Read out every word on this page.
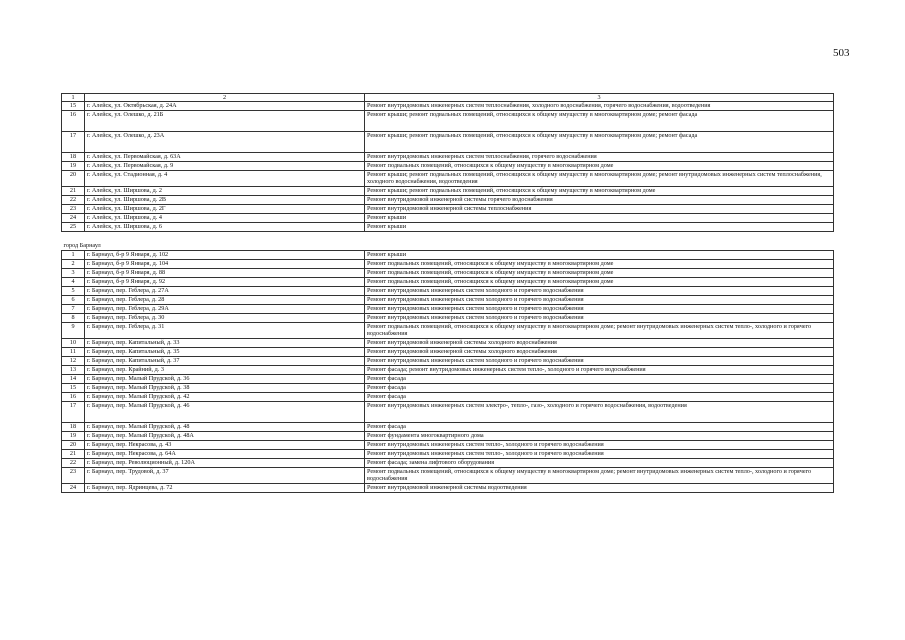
503
1	2	3
15	г. Алейск, ул. Октябрьская, д. 24А	Ремонт внутридомовых инженерных систем теплоснабжения, холодного водоснабжения, горячего водоснабжения, водоотведения
16	г. Алейск, ул. Олешко, д. 21Б	Ремонт крыши; ремонт подвальных помещений, относящихся к общему имуществу в многоквартирном доме; ремонт фасада
17	г. Алейск, ул. Олешко, д. 23А	Ремонт крыши; ремонт подвальных помещений, относящихся к общему имуществу в многоквартирном доме; ремонт фасада
18	г. Алейск, ул. Первомайская, д. 63А	Ремонт внутридомовых инженерных систем теплоснабжения, горячего водоснабжения
19	г. Алейск, ул. Первомайская, д. 9	Ремонт подвальных помещений, относящихся к общему имуществу в многоквартирном доме
20	г. Алейск, ул. Стадионная, д. 4	Ремонт крыши; ремонт подвальных помещений, относящихся к общему имуществу в многоквартирном доме; ремонт внутридомовых инженерных систем теплоснабжения, холодного водоснабжения, водоотведения
21	г. Алейск, ул. Ширшова, д. 2	Ремонт крыши; ремонт подвальных помещений, относящихся к общему имуществу в многоквартирном доме
22	г. Алейск, ул. Ширшова, д. 2В	Ремонт внутридомовой инженерной системы горячего водоснабжения
23	г. Алейск, ул. Ширшова, д. 2Г	Ремонт внутридомовой инженерной системы теплоснабжения
24	г. Алейск, ул. Ширшова, д. 4	Ремонт крыши
25	г. Алейск, ул. Ширшова, д. 6	Ремонт крыши
город Барнаул		
1	г. Барнаул, б-р 9 Января, д. 102	Ремонт крыши
2	г. Барнаул, б-р 9 Января, д. 104	Ремонт подвальных помещений, относящихся к общему имуществу в многоквартирном доме
3	г. Барнаул, б-р 9 Января, д. 88	Ремонт подвальных помещений, относящихся к общему имуществу в многоквартирном доме
4	г. Барнаул, б-р 9 Января, д. 92	Ремонт подвальных помещений, относящихся к общему имуществу в многоквартирном доме
5	г. Барнаул, пер. Геблера, д. 27А	Ремонт внутридомовых инженерных систем холодного и горячего водоснабжения
6	г. Барнаул, пер. Геблера, д. 28	Ремонт внутридомовых инженерных систем холодного и горячего водоснабжения
7	г. Барнаул, пер. Геблера, д. 29А	Ремонт внутридомовых инженерных систем холодного и горячего водоснабжения
8	г. Барнаул, пер. Геблера, д. 30	Ремонт внутридомовых инженерных систем холодного и горячего водоснабжения
9	г. Барнаул, пер. Геблера, д. 31	Ремонт подвальных помещений, относящихся к общему имуществу в многоквартирном доме; ремонт внутридомовых инженерных систем тепло-, холодного и горячего водоснабжения
10	г. Барнаул, пер. Капитальный, д. 33	Ремонт внутридомовой инженерной системы холодного водоснабжения
11	г. Барнаул, пер. Капитальный, д. 35	Ремонт внутридомовой инженерной системы холодного водоснабжения
12	г. Барнаул, пер. Капитальный, д. 37	Ремонт внутридомовых инженерных систем холодного и горячего водоснабжения
13	г. Барнаул, пер. Крайний, д. 3	Ремонт фасада; ремонт внутридомовых инженерных систем тепло-, холодного и горячего водоснабжения
14	г. Барнаул, пер. Малый Прудской, д. 36	Ремонт фасада
15	г. Барнаул, пер. Малый Прудской, д. 38	Ремонт фасада
16	г. Барнаул, пер. Малый Прудской, д. 42	Ремонт фасада
17	г. Барнаул, пер. Малый Прудской, д. 46	Ремонт внутридомовых инженерных систем электро-, тепло-, газо-, холодного и горячего водоснабжения, водоотведения
18	г. Барнаул, пер. Малый Прудской, д. 48	Ремонт фасада
19	г. Барнаул, пер. Малый Прудской, д. 48А	Ремонт фундамента многоквартирного дома
20	г. Барнаул, пер. Некрасова, д. 43	Ремонт внутридомовых инженерных систем тепло-, холодного и горячего водоснабжения
21	г. Барнаул, пер. Некрасова, д. 64А	Ремонт внутридомовых инженерных систем тепло-, холодного и горячего водоснабжения
22	г. Барнаул, пер. Революционный, д. 120А	Ремонт фасада; замена лифтового оборудования
23	г. Барнаул, пер. Трудовой, д. 37	Ремонт подвальных помещений, относящихся к общему имуществу в многоквартирном доме; ремонт внутридомовых инженерных систем тепло-, холодного и горячего водоснабжения
24	г. Барнаул, пер. Ядринцева, д. 72	Ремонт внутридомовой инженерной системы водоотведения
